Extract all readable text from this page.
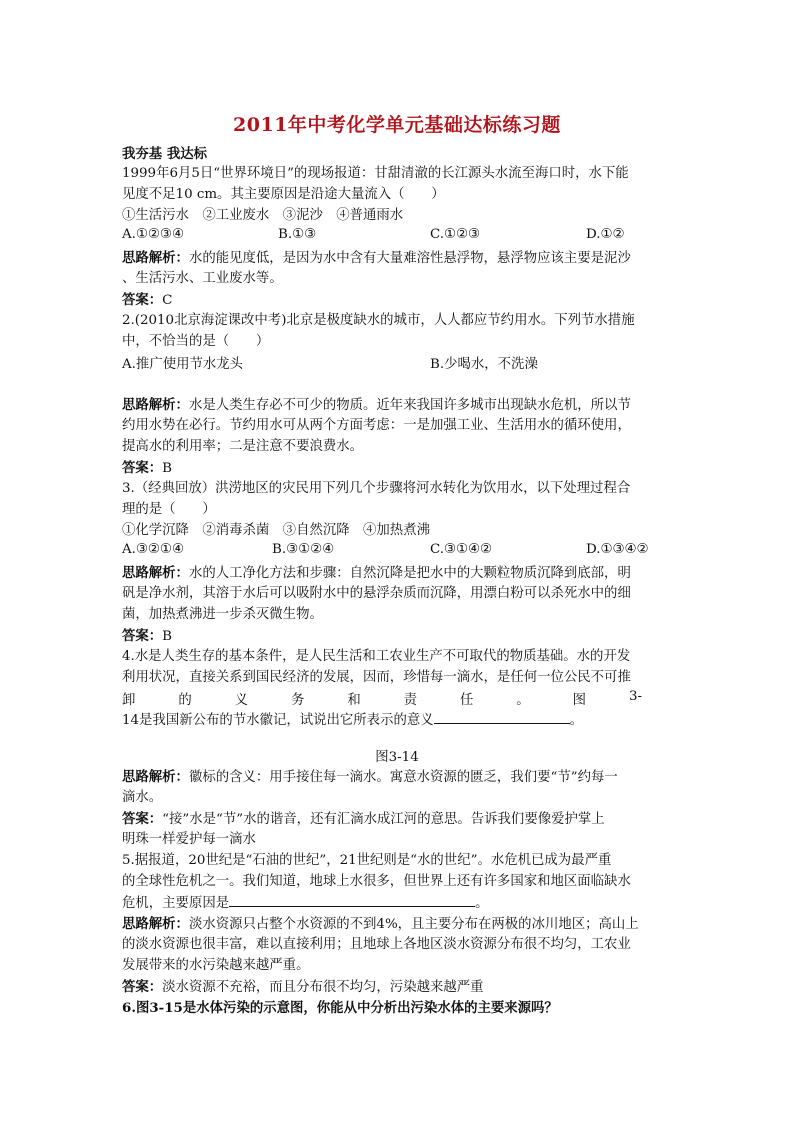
2011年中考化学单元基础达标练习题
我夯基 我达标
1999年6月5日“世界环境日”的现场报道：甘甜清澈的长江源头水流至海口时，水下能
见度不足10 cm。其主要原因是沿途大量流入（　　）
①生活污水　②工业废水　③泥沙　④普通雨水
A.①②③④	B.①③	C.①②③	D.①②
思路解析：水的能见度低，是因为水中含有大量难溶性悬浮物，悬浮物应该主要是泥沙
、生活污水、工业废水等。
答案：C
2.(2010北京海淀课改中考)北京是极度缺水的城市，人人都应节约用水。下列节水措施
中，不恰当的是（　　）
A.推广使用节水龙头	B.少喝水，不洗澡
思路解析：水是人类生存必不可少的物质。近年来我国许多城市出现缺水危机，所以节
约用水势在必行。节约用水可从两个方面考虑：一是加强工业、生活用水的循环使用，
提高水的利用率；二是注意不要浪费水。
答案：B
3.（经典回放）洪涝地区的灾民用下列几个步骤将河水转化为饮用水，以下处理过程合
理的是（　　）
①化学沉降　②消毒杀菌　③自然沉降　④加热煮沸
A.③②①④	B.③①②④	C.③①④②	D.①③④②
思路解析：水的人工净化方法和步骤：自然沉降是把水中的大颗粒物质沉降到底部，明
矾是净水剂，其溶于水后可以吸附水中的悬浮杂质而沉降，用漂白粉可以杀死水中的细
菌，加热煮沸进一步杀灭微生物。
答案：B
4.水是人类生存的基本条件，是人民生活和工农业生产不可取代的物质基础。水的开发
利用状况，直接关系到国民经济的发展，因而，珍惜每一滴水，是任何一位公民不可推
卸	的	义	务	和	责	任	。	图	3-
14是我国新公布的节水徽记，试说出它所表示的意义	。
图3-14
思路解析：徽标的含义：用手接住每一滴水。寓意水资源的匮乏，我们要“节”约每一
滴水。
答案：“接”水是“节”水的谐音，还有汇滴水成江河的意思。告诉我们要像爱护掌上
明珠一样爱护每一滴水
5.据报道，20世纪是“石油的世纪”，21世纪则是“水的世纪”。水危机已成为最严重
的全球性危机之一。我们知道，地球上水很多，但世界上还有许多国家和地区面临缺水
危机，主要原因是	。
思路解析：淡水资源只占整个水资源的不到4%，且主要分布在两极的冰川地区；高山上
的淡水资源也很丰富，难以直接利用；且地球上各地区淡水资源分布很不均匀，工农业
发展带来的水污染越来越严重。
答案：淡水资源不充裕，而且分布很不均匀，污染越来越严重
6.图3-15是水体污染的示意图，你能从中分析出污染水体的主要来源吗？
